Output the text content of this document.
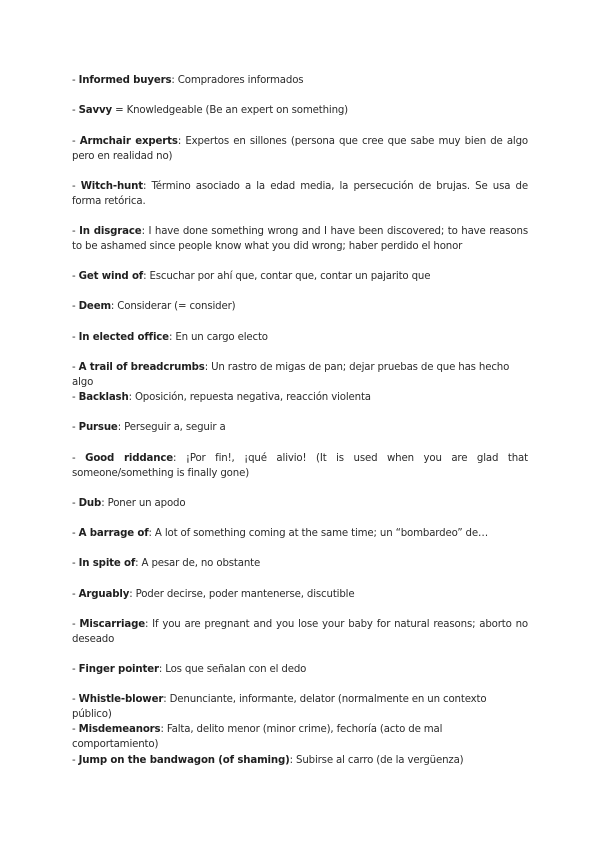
- Informed buyers: Compradores informados

- Savvy = Knowledgeable (Be an expert on something)

- Armchair experts: Expertos en sillones (persona que cree que sabe muy bien de algo pero en realidad no)

- Witch-hunt: Término asociado a la edad media, la persecución de brujas. Se usa de forma retórica.

- In disgrace: I have done something wrong and I have been discovered; to have reasons to be ashamed since people know what you did wrong; haber perdido el honor

- Get wind of: Escuchar por ahí que, contar que, contar un pajarito que

- Deem: Considerar (= consider)

- In elected office: En un cargo electo

- A trail of breadcrumbs: Un rastro de migas de pan; dejar pruebas de que has hecho algo

- Backlash: Oposición, repuesta negativa, reacción violenta

- Pursue: Perseguir a, seguir a

- Good riddance: ¡Por fin!, ¡qué alivio! (It is used when you are glad that someone/something is finally gone)

- Dub: Poner un apodo

- A barrage of: A lot of something coming at the same time; un “bombardeo” de…

- In spite of: A pesar de, no obstante

- Arguably: Poder decirse, poder mantenerse, discutible

- Miscarriage: If you are pregnant and you lose your baby for natural reasons; aborto no deseado

- Finger pointer: Los que señalan con el dedo

- Whistle-blower: Denunciante, informante, delator (normalmente en un contexto público)

- Misdemeanors: Falta, delito menor (minor crime), fechoría (acto de mal comportamiento)

- Jump on the bandwagon (of shaming): Subirse al carro (de la vergüenza)
